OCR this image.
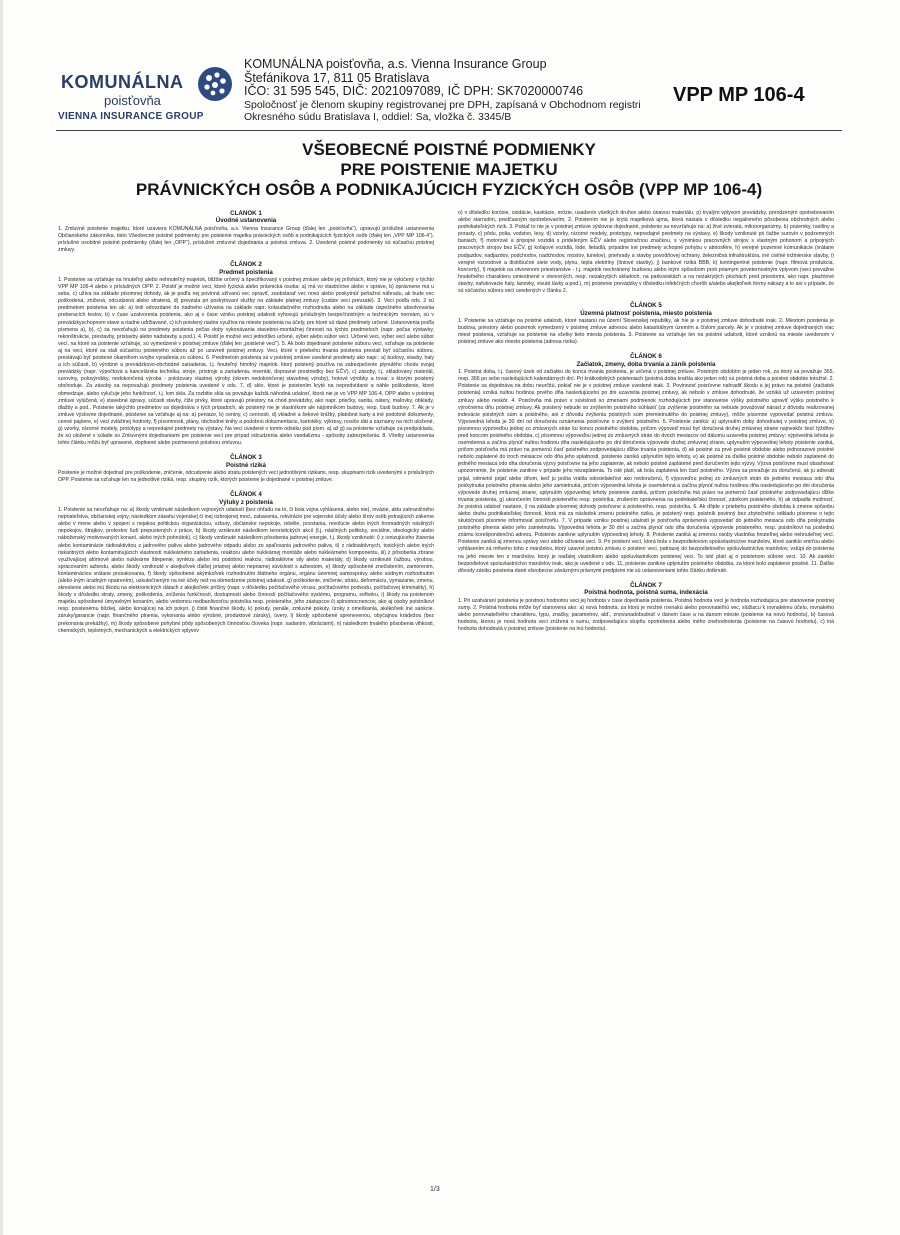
KOMUNÁLNA
poisťovňa
VIENNA INSURANCE GROUP
KOMUNÁLNA poisťovňa, a.s. Vienna Insurance Group
Štefánikova 17, 811 05 Bratislava
IČO: 31 595 545, DIČ: 2021097089, IČ DPH: SK7020000746
Spoločnosť je členom skupiny registrovanej pre DPH, zapísaná v Obchodnom registri
Okresného súdu Bratislava I, oddiel: Sa, vložka č. 3345/B
VPP MP 106-4
VŠEOBECNÉ POISTNÉ PODMIENKY
PRE POISTENIE MAJETKU
PRÁVNICKÝCH OSÔB A PODNIKAJÚCICH FYZICKÝCH OSÔB (VPP MP 106-4)
ČLÁNOK 1
Úvodné ustanovenia

1. Zmluvné poistenie majetku, ktoré uzaviera KOMUNÁLNA poisťovňa, a.s. Vienna Insurance Group (ďalej len „poisťovňa“), upravujú príslušné ustanovenia Občianskeho zákonníka, tieto Všeobecné poistné podmienky pre poistenie majetku právnických osôb a podnikajúcich fyzických osôb (ďalej len „VPP MP 106-4“), príslušné osobitné poistné podmienky (ďalej len „OPP“), príslušné zmluvné dojednania a poistná zmluva. 2. Uvedené poistné podmienky sú súčasťou poistnej zmluvy.

ČLÁNOK 2
Predmet poistenia

1. Poistenie sa vzťahuje na hnuteľný alebo nehnuteľný majetok, bližšie určený a špecifikovaný v poistnej zmluve alebo jej prílohách, ktorý nie je vylúčený v týchto VPP MP 106-4 alebo v príslušných OPP. 2. Poistiť je možné veci, ktoré fyzická alebo právnická osoba: a) má vo vlastníctve alebo v správe, b) oprávnene má u seba, c) užíva na základe písomnej dohody, ak je podľa nej povinná užívanú vec opraviť, zaobstarať vec novú alebo poskytnúť peňažnú náhradu, ak bude vec poškodená, zničená, odcudzená alebo stratená, d) prevzala pri poskytovaní služby na základe platnej zmluvy (cudzie veci prevzaté). 3. Veci podľa ods. 2 sú predmetom poistenia len ak: a) boli odovzdané do riadneho užívania na základe napr. kolaudačného rozhodnutia alebo na základe úspešného absolvovania preberacích testov, b) v čase uzatvorenia poistenia, ako aj v čase vzniku poistnej udalosti vyhovujú príslušným bezpečnostným a technickým normám, sú v prevádzkyschopnom stave a riadne udržiavané, c) ich poistený riadne využíva na mieste poistenia na účely, pre ktoré sú dané predmety určené. Ustanovenia podľa písmena a), b), c) sa nevzťahujú na predmety poistenia počas doby vykonávania stavebno-montážnej činnosti na týchto predmetoch (napr. počas výstavby, rekonštrukcie, prestavby, prístavby alebo nadstavby a pod.). 4. Poistiť je možné veci jednotlivo určené, výber alebo súbor vecí. Určené veci, výber vecí alebo súbor vecí, na ktoré sa poistenie vzťahuje, sú vymedzené v poistnej zmluve (ďalej len „poistené veci“). 5. Ak bolo dojednané poistenie súboru vecí, vzťahuje sa poistenie aj na veci, ktoré sa stali súčasťou poisteného súboru až po uzavretí poistnej zmluvy. Veci, ktoré v priebehu trvania poistenia prestali byť súčasťou súboru, prestávajú byť poistené okamihom svojho vyradenia zo súboru. 6. Predmetom poistenia sú v poistnej zmluve uvedené predmety ako napr.: a) budovy, stavby, haly a ich súčasti, b) výrobné a prevádzkovo-obchodné zariadenia, t.j. hnuteľný hmotný majetok, ktorý poistený používa na zabezpečenie plynulého chodu svojej prevádzky (napr. výpočtová a kancelárska technika, stroje, prístroje a zariadenia, inventár, dopravné prostriedky bez EČV), c) zásoby, t.j. skladovaný materiál, suroviny, polovýrobky, nedokončená výroba - polotovary vlastnej výroby (okrem nedokončenej stavebnej výroby), hotové výrobky a tovar, s ktorým poistený obchoduje. Za zásoby sa nepovažujú predmety poistenia uvedené v ods. 7, d) sklo, ktoré je poistením kryté na nepredvídané a náhle poškodenie, ktoré obmedzuje, alebo vylučuje jeho funkčnosť, t.j. lom skla. Za rozbitie skla sa považuje každá náhodná udalosť, ktorá nie je vo VPP MP 106-4, OPP alebo v poistnej zmluve vylúčená, e) stavebné úpravy, súčasti stavby, čiže prvky, ktoré upravujú priestory na chod prevádzky, ako napr. priečky, sanita, nátery, maľovky, obklady, dlažby a pod.. Poistenie takýchto predmetov sa dojednáva v tých prípadoch, ak poistený nie je vlastníkom ale nájomníkom budovy, resp. časti budovy. 7. Ak je v zmluve výslovne dojednané, poistenie sa vzťahuje aj na: a) peniaze, b) ceniny, c) cennosti, d) vkladné a šekové knižky, platobné karty a iné podobné dokumenty, cenné papiere, e) veci zvláštnej hodnoty, f) písomnosti, plány, obchodné knihy a podobnú dokumentáciu, kartotéky, výkresy, nosiče dát a záznamy na nich uložené, g) vzorky, nízorné modely, prototypy a nepredajné predmety na výstavy. Na veci uvedené v tomto odseku pod písm. a) až g) sa poistenie vzťahuje za predpokladu, že sú uložené v súlade so Zmluvnými dojednaniami pre poistenie vecí pre prípad odcudzenia alebo vandalizmu - spôsoby zabezpečenia. 8. Všetky ustanovenia tohto článku môžu byť upravené, doplnené alebo pozmenené poistnou zmluvou.

ČLÁNOK 3
Poistné riziká

Poistenie je možné dojednať pre poškodenie, zničenie, odcudzenie alebo stratu poistených vecí jednotlivými rizikami, resp. skupinami rizík uvedenými v príslušných OPP. Poistenie sa vzťahuje len na jednotlivé riziká, resp. skupiny rizík, ktorých poistenie je dojednané v poistnej zmluve.

ČLÁNOK 4
Výluky z poistenia

1. Poistenie sa nevzťahuje na: a) škody vzniknuté následkom vojnových udalostí (bez ohľadu na to, či bola vojna vyhlásená, alebo nie), invázie, aktu zahraničného nepriateľstva, občianskej vojny, následkom zásahu vojenskej či inej ozbrojenej moci, zabavenia, rekvirácie pre vojenské účely alebo šírov osôb jednajúcich zákerne alebo v mene alebo v spojení s nejakou politickou organizáciou, vzbury, občianske nepokoje, rebélie, povstania, revolúcie alebo iných hromadných násilných nepokojov, štrajkov, protestov ľudí prepustených z práce, b) škody vzniknuté následkom teroristických akcií (t.j. násilných politicky, sociálne, ideologicky alebo náboženský motivovaných konaní, alebo iných pohnútok), c) škody vzniknuté následkom pôsobenia jadrovej energie, t.j. škody vzniknuté: i) z ionizujúceho žiarenia alebo kontaminácie rádioaktivitou z jadrového paliva alebo jadrového odpadu alebo zo spaľovania jadrového paliva, ii) z rádioaktívnych, toxických alebo iných riskantných alebo kontaminujúcich vlastností nukleárneho zariadenia, reaktoru alebo nukleárnej montáže alebo nukleárneho komponentu, iii) z pôsobenia zbrane využívajúcej atómové alebo nukleárne štiepenie, syntézu alebo inú podobnú reakciu, rádioaktívne sily alebo materiály, d) škody vzniknuté ťažbou, výrobou, spracovaním azbestu, alebo škody vzniknuté v akejkoľvek ďalšej priamej alebo nepriamej súvislosti s azbestom, e) škody spôsobené znečistením, zamorením, kontamináciou vrátane presakovania, f) škody spôsobené akýmkoľvek rozhodnutím štátneho orgánu, orgánu územnej samosprávy alebo súdnym rozhodnutím (alebo iným úradným opatrením), uskutočneným na iné účely než na obmedzenie poistnej udalosti, g) poškodenie, zničenie, stratu, deformáciu, vymazanie, zmenu, skreslenie alebo inú škodu na elektronických dátach z akejkoľvek príčiny (napr. v dôsledku počítačového vírusu, počítačového podvodu, počítačovej kriminality), h) škody v dôsledku straty, zmeny, poškodenia, zníženia funkčnosti, dostupnosti alebo činností počítačového systému, programu, softvéru, i) škody na poistenom majetku spôsobené úmyselným konaním, alebo vedomou nedbanlivosťou poistníka resp. poisteného, jeho zástupcov či splnomocnencov, ako aj osoby poistníkovi resp. poistenému blízkej, alebo konajúcej na ich pokyn, j) čisté finančné škody, k) pokuty, penále, zmluvné pokuty, úroky z omeškania, akékoľvek iné sankcie, záruky/garancie (napr. finančného plnenia, vykonania alebo výrobné, produktové záruky), úvery, l) škody spôsobené sprenevenou, obyčajnou krádežou (bez prekonania prekážky), m) škody spôsobené pohybmi pôdy spôsobených činnosťou človeka (napr. sadaním, vibráciami), n) následkom trvalého pôsobenia vlhkosti, chemických, teplotných, mechanických a elektrických vplyvov

o) v dôsledku korózie, oxidácie, kavitácie, erózie, usadenín všetkých druhov alebo únavou materiálu, p) trvalým vplyvom prevádzky, prirodzeným opotrebovaním alebo starnutím, predčasným opotrebovaním, 2. Poistením nie je krytá majetková ujma, ktorá nastala v dôsledku negatívneho pôsobenia obchodných alebo podnikateľských rizík. 3. Pokiaľ to nie je v poistnej zmluve výslovne dojednané, poistenie sa nevzťahuje na: a) živé zvieratá, mikroorganizmy, b) pozemky, rastliny a porasty, c) pôdu, polia, vodstvo, lesy, d) vzorky, nízorné modely, prototypy, nepredajné predmety na výstavy, e) škody vzniknuté pri ťažbe surovín v podzemných baniach, f) motorové a prípojné vozidlá s prideleným EČV alebo registračnou značkou, s výnimkou pracovných strojov s vlastným pohonom a prípojných pracovných strojov bez EČV, g) koľajové vozidlá, lode, lietadlá, prípadne iné predmety schopné pohybu v atmosfére, h) verejné pozemné komunikácie (vrátane podjazdov, nadjazdov, podchodov, nadchodov, mostov, tunelov), priehrady a stavby povodňovej ochrany, železničná infraštruktúra, iné civilné inžinierske stavby, i) verejné rozvodové a distribučné siete vody, plynu, tepla elektriny (líniové stavby), j) bankové riziká BBB, k) kontingentné poistenie (napr. filmová produkcia, koncerty), l) majetok na otvorenom priestranstve - t.j. majetok nechránený budovou alebo iným spôsobom proti priamym poveternostným vplyvom (veci prevažne hnuteľného charakteru umiestnené v otvorených, resp. nezakrytých skladoch, na parkoviskách a na nezakrytých plochách pred priestormi, ako napr. plachtové stavby, nafukovacie haly, lanovky, visuté lávky a pod.), m) poistenie prevádzky v dôsledku infekčných chorôb a/alebo akejkoľvek formy nákazy a to ani v prípade, že sú súčasťou súboru vecí uvedených v článku 2.

ČLÁNOK 5
Územná platnosť poistenia, miesto poistenia

1. Poistenie sa vzťahuje na poistné udalosti, ktoré nastanú na území Slovenskej republiky, ak nie je v poistnej zmluve dohodnuté inak. 2. Miestom poistenia je budova, priestory alebo pozemok vymedzený v poistnej zmluve adresou alebo katastrálnym územím a číslom parcely. Ak je v poistnej zmluve dojednaných viac miest poistenia, vzťahuje sa poistenie na všetky tieto miesta poistenia. 3. Poistenie sa vzťahuje len na poistné udalosti, ktoré vzniknú na mieste uvedenom v poistnej zmluve ako miesto poistenia (adresa rizika).

ČLÁNOK 6
Začiatok, zmeny, doba trvania a zánik poistenia

1. Poistná doba, t.j. časový úsek od začiatku do konca trvania poistenia, je určená v poistnej zmluve. Poistným obdobím je jeden rok, za ktorý sa považuje 365, resp. 366 po sebe nasledujúcich kalendárnych dní. Pri krátkodobých poisteniach (poistná doba kratšia ako jeden rok) sú poistná doba a poistné obdobie totožné. 2. Poistenie sa dojednáva na dobu neurčitú, pokiaľ nie je v poistnej zmluve uvedené inak. 3. Povinnosť poisťovne nahradiť škodu a jej právo na poistné (začiatok poistenia) vzniká nultou hodinou prvého dňa nasledujúceho po dni uzavretia poistnej zmluvy, ak nebolo v zmluve dohodnuté, že vzniká už uzavretím poistnej zmluvy alebo neskôr. 4. Poisťovňa má právo v súvislosti so zmenami podmienok rozhodujúcich pre stanovenie výšky poistného upraviť výšku poistného k výročnému dňu poistnej zmluvy. Ak poistený nebude so zvýšením poistného súhlasiť (za zvýšenie poistného sa nebude považovať nárast z dôvodu realizovanej indexácie poistných súm a poistného, ani z dôvodu zvýšenia poistných súm premietnutého do poistnej zmluvy), môže písomne vypovedať poistnú zmluvu. Výpovedná lehota je 30 dní od doručenia oznámenia poisťovne o zvýšení poistného. 5. Poistenie zaniká: a) uplynutím doby dohodnutej v poistnej zmluve, b) písomnou výpoveďou jednej zo zmluvných strán ku koncu poistného obdobia, pričom výpoveď musí byť doručená druhej zmluvnej strane najneskôr šesť týždňov pred koncom poistného obdobia, c) písomnou výpoveďou jednej zo zmluvných strán do dvoch mesiacov od dátumu uzavretia poistnej zmluvy; výpovedná lehota je osemdenná a začína plynúť nultou hodinou dňa nasledujúceho po dni doručenia výpovede druhej zmluvnej strane, uplynutím výpovednej lehoty poistenie zaniká, pričom poisťovňa má právo na pomernú časť poistného zodpovedajúcu dĺžke trvania poistenia, d) ak poistné za prvé poistné obdobie alebo jednorazové poistné nebolo zaplatené do troch mesiacov odo dňa jeho splatnosti, poistenie zaniká uplynutím tejto lehoty, e) ak poistné za ďalšie poistné obdobie nebolo zaplatené do jedného mesiaca odo dňa doručenia výzvy poisťovne na jeho zaplatenie, ak nebolo poistné zaplatené pred doručením tejto výzvy. Výzva poisťovne musí obsahovať upozornenie, že poistenie zanikne v prípade jeho nezaplatenia. To isté platí, ak bola zaplatená len časť poistného. Výzva sa považuje za doručenú, ak ju adresát prijal, odmietol prijať alebo dňom, keď ju pošta vrátila odosielateľovi ako nedoručenú, f) výpoveďou jednej zo zmluvných strán do jedného mesiaca odo dňa poskytnutia poistného plnenia alebo jeho zamietnutia, pričom výpovedná lehota je osemdenná a začína plynúť nultou hodinou dňa nasledujúceho po dni doručenia výpovede druhej zmluvnej strane, uplynutím výpovednej lehoty poistenie zaniká, pričom poisťovňa má právo na pomernú časť poistného zodpovedajúcu dĺžke trvania poistenia, g) ukončením činnosti poisteného resp. poistníka, zrušením oprávnenia na podnikateľskú činnosť, zánikom poisteného, h) ak odpadla možnosť, že poistná udalosť nastane, i) na základe písomnej dohody poisťovne a poisteného, resp. poistníka. 6. Ak dôjde v priebehu poistného obdobia k zmene spôsobu alebo druhu podnikateľskej činnosti, ktorá má za následok zmenu poistného rizika, je poistený resp. poistník povinný bez zbytočného odkladu písomne o tejto skutočnosti písomne informovať poisťovňu. 7. V prípade vzniku poistnej udalosti je poisťovňa oprávnená vypovedať do jedného mesiaca odo dňa poskytnutia poistného plnenia alebo jeho zamietnutia. Výpovedná lehota je 30 dní a začína plynúť odo dňa doručenia výpovede poisteného, resp. poistníkovi na poslednú známu korešpondenčnú adresu. Poistenie zanikne uplynutím výpovednej lehoty. 8. Poistenie zaniká aj zmenou osoby vlastníka hnuteľnej alebo nehnuteľnej veci. Poistenie zaniká aj zmenou správy veci alebo užívania veci. 9. Pri poistení vecí, ktorá bola v bezpodielovom spoluvlastníctve manželov, ktoré zaniklo smrťou alebo vyhlásením za mŕtveho toho z manželov, ktorý uzavrel poistnú zmluvu o poistení veci, patriacej do bezpodielového spoluvlastníctva manželov, vstúpi do poistenia na jeho mieste ten z manželov, ktorý je naďalej vlastníkom alebo spoluvlastníkom poistenej veci. To isté platí aj o poistenom súbore vecí. 10. Ak zaniklo bezpodielové spoluvlastníctvo manželov inak, ako je uvedené v ods. 11, poistenie zanikne uplynutím poistného obdobia, za ktoré bolo zaplatené poistné. 11. Ďalšie dôvody zániku poistenia dané všeobecne záväznými právnymi predpismi nie sú ustanoveniami tohto článku dotknuté.

ČLÁNOK 7
Poistná hodnota, poistná suma, indexácia

1. Pri uzatváraní poistenia je poistnou hodnotou veci jej hodnota v čase dojednania poistenia. Poistná hodnota veci je hodnota rozhodujúca pre stanovenie poistnej sumy. 2. Poistná hodnota môže byť stanovená ako: a) nová hodnota, za ktorú je možné rovnakú alebo porovnateľnú vec, slúžiacu k rovnakému účelu, rovnakého alebo porovnateľného charakteru, typu, značky, parametrov, atď., znovunadobudnúť v danom čase a na danom mieste (poistenie na novú hodnotu), b) časová hodnota, ktorou je nová hodnota veci znížená o sumu, zodpovedajúcu stupňu opotrebenia alebo iného znehodnotenia (poistenie na časovú hodnotu), c) iná hodnota dohodnutá v poistnej zmluve (poistenie na inú hodnotu).

1/3
